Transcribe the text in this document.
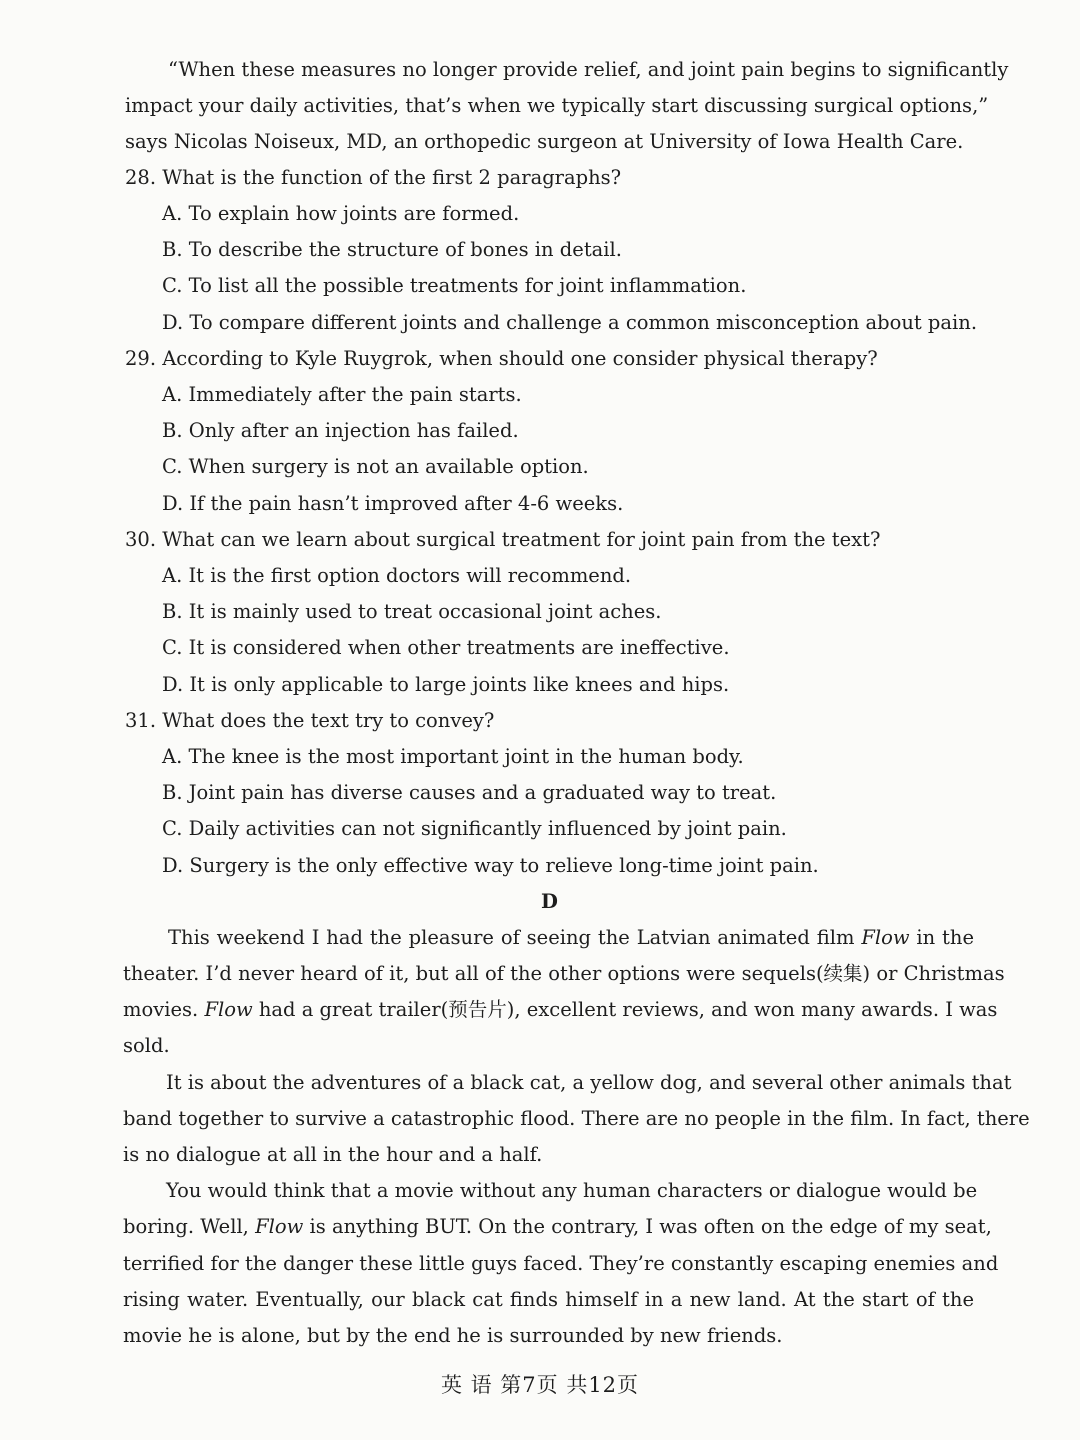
“When these measures no longer provide relief, and joint pain begins to significantly
impact your daily activities, that’s when we typically start discussing surgical options,”
says Nicolas Noiseux, MD, an orthopedic surgeon at University of Iowa Health Care.
28. What is the function of the first 2 paragraphs?
A. To explain how joints are formed.
B. To describe the structure of bones in detail.
C. To list all the possible treatments for joint inflammation.
D. To compare different joints and challenge a common misconception about pain.
29. According to Kyle Ruygrok, when should one consider physical therapy?
A. Immediately after the pain starts.
B. Only after an injection has failed.
C. When surgery is not an available option.
D. If the pain hasn’t improved after 4-6 weeks.
30. What can we learn about surgical treatment for joint pain from the text?
A. It is the first option doctors will recommend.
B. It is mainly used to treat occasional joint aches.
C. It is considered when other treatments are ineffective.
D. It is only applicable to large joints like knees and hips.
31. What does the text try to convey?
A. The knee is the most important joint in the human body.
B. Joint pain has diverse causes and a graduated way to treat.
C. Daily activities can not significantly influenced by joint pain.
D. Surgery is the only effective way to relieve long-time joint pain.
D
This weekend I had the pleasure of seeing the Latvian animated film Flow in the
theater. I’d never heard of it, but all of the other options were sequels(续集) or Christmas
movies. Flow had a great trailer(预告片), excellent reviews, and won many awards. I was
sold.
It is about the adventures of a black cat, a yellow dog, and several other animals that
band together to survive a catastrophic flood. There are no people in the film. In fact, there
is no dialogue at all in the hour and a half.
You would think that a movie without any human characters or dialogue would be
boring. Well, Flow is anything BUT. On the contrary, I was often on the edge of my seat,
terrified for the danger these little guys faced. They’re constantly escaping enemies and
rising water. Eventually, our black cat finds himself in a new land. At the start of the
movie he is alone, but by the end he is surrounded by new friends.
英 语 第7页 共12页
